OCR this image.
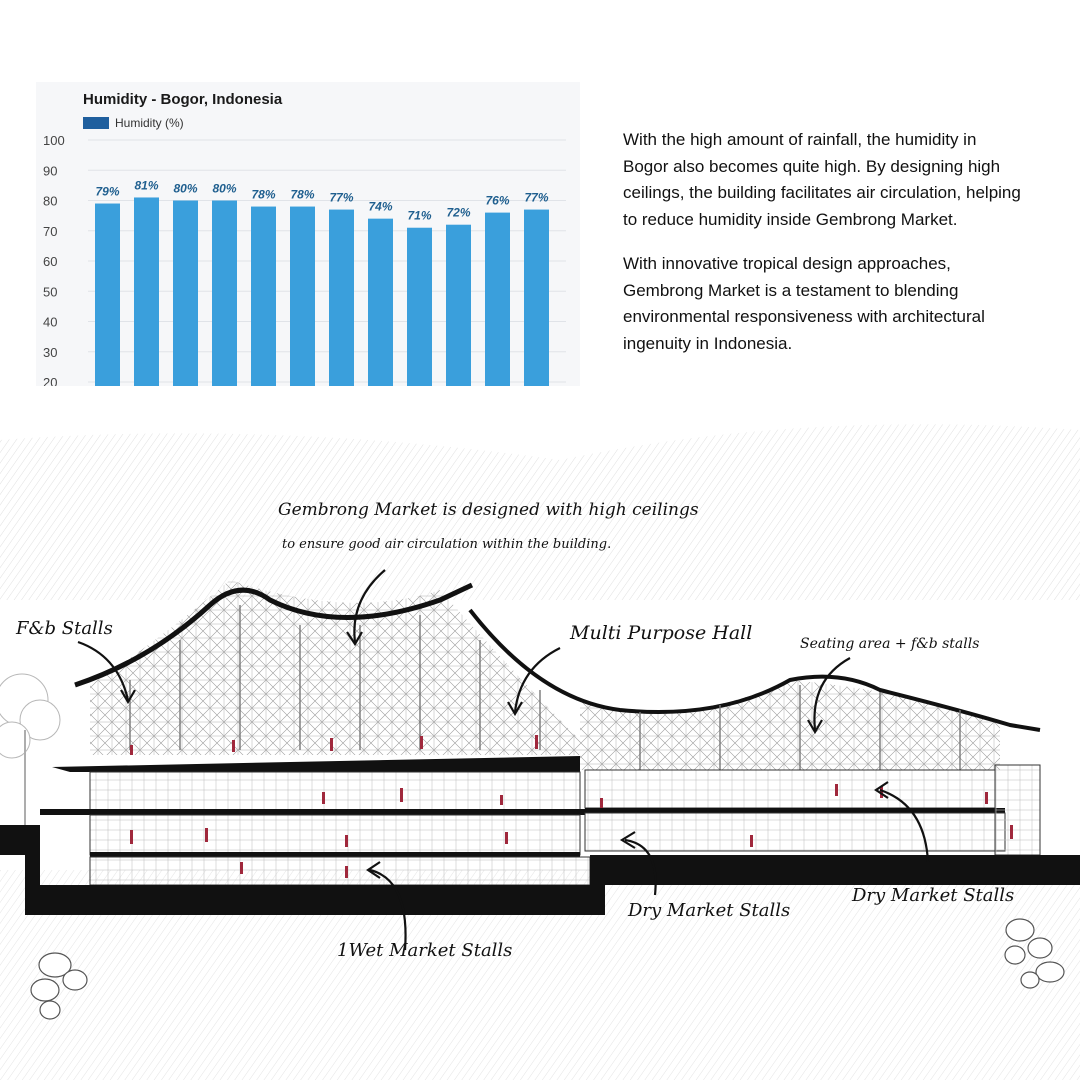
100
90
80
70
60
50
40
30
20
79% 81% 80% 80% 78% 78% 77%
74%
71% 72%
76% 77%
Humidity - Bogor, Indonesia
Humidity (%)

With the high amount of rainfall, the humidity in Bogor also becomes quite high. By designing high ceilings, the building facilitates air circulation, helping to reduce humidity inside Gembrong Market.

With innovative tropical design approaches, Gembrong Market is a testament to blending environmental responsiveness with architectural ingenuity in Indonesia.

Gembrong Market is designed with high ceilings
to ensure good air circulation within the building.
F&b Stalls	Multi Purpose Hall	Seating area + f&b stalls
1Wet Market Stalls
Dry Market Stalls
Dry Market Stalls
